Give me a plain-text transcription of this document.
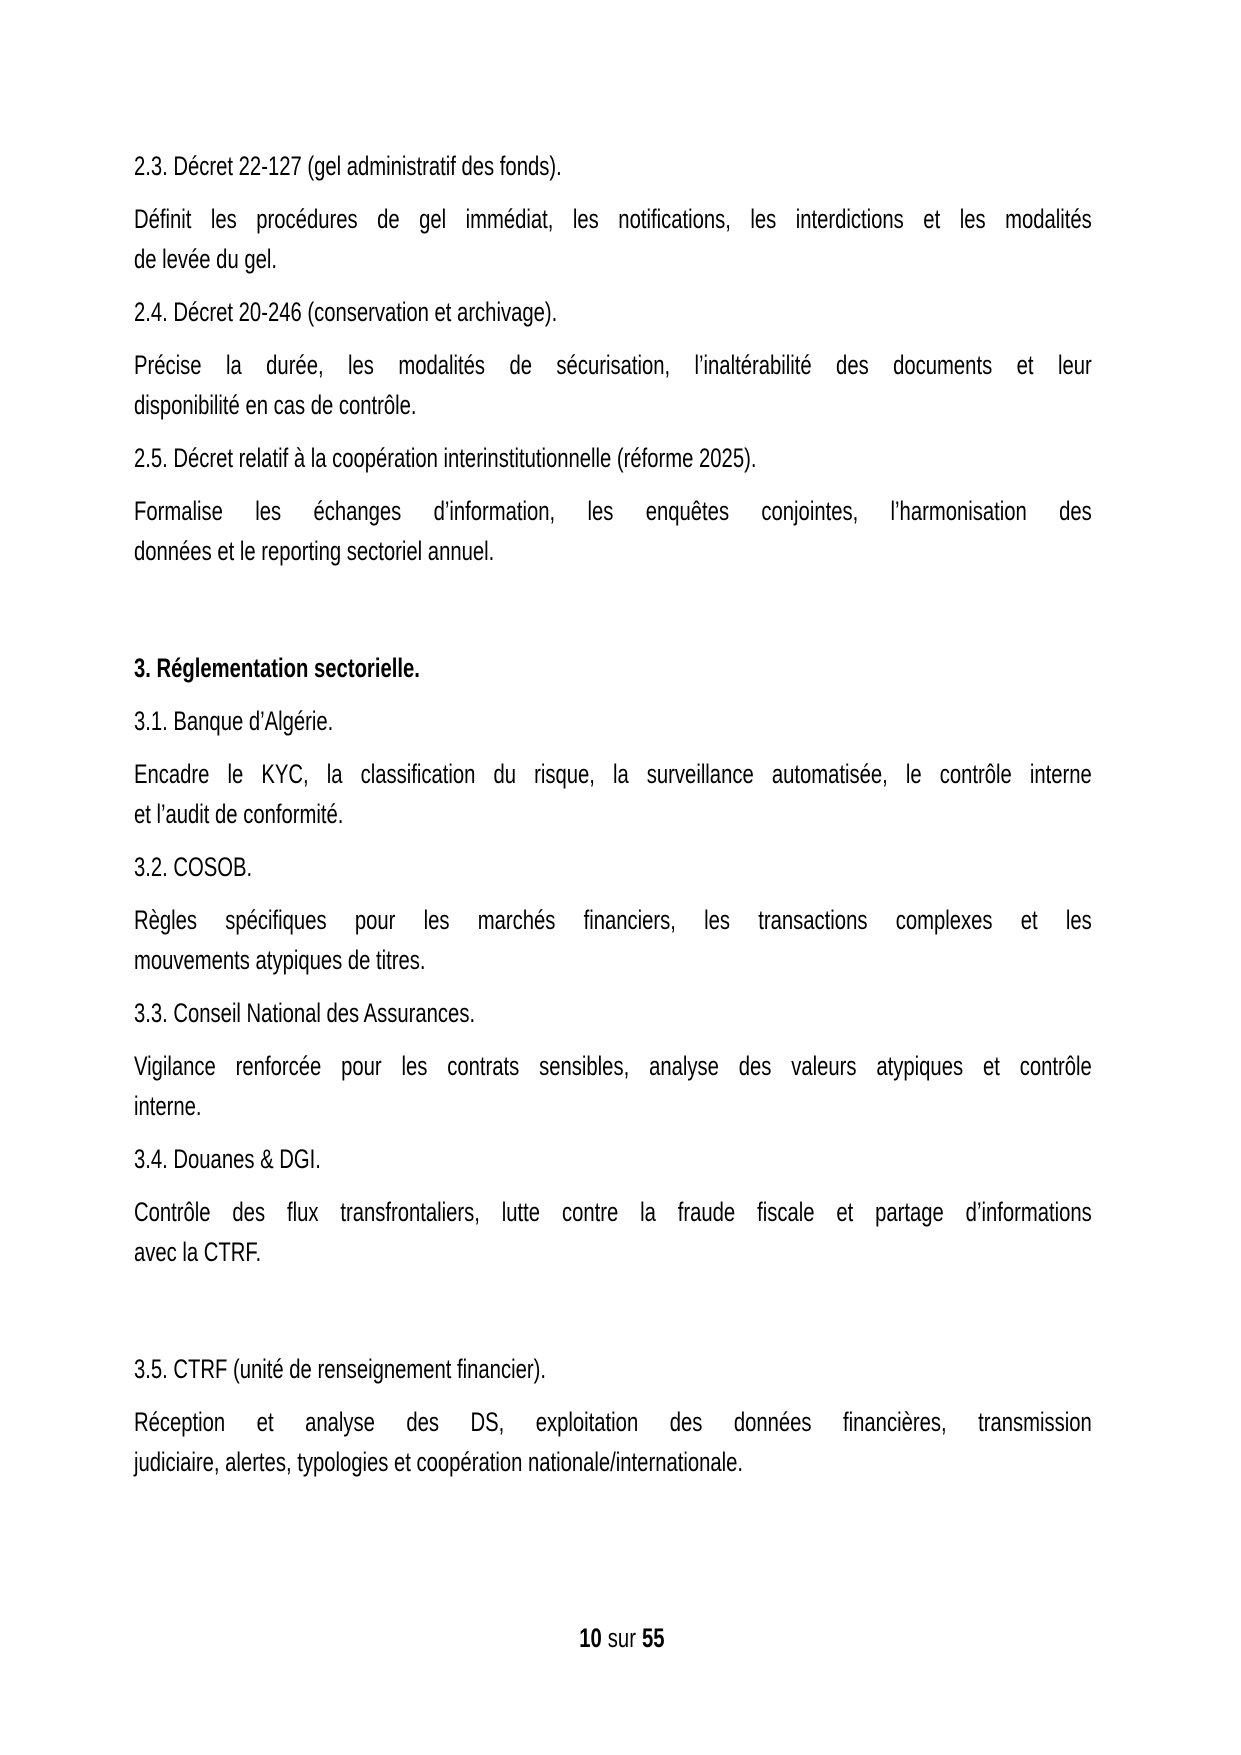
2.3. Décret 22-127 (gel administratif des fonds).

Définit les procédures de gel immédiat, les notifications, les interdictions et les modalités
de levée du gel.

2.4. Décret 20-246 (conservation et archivage).

Précise la durée, les modalités de sécurisation, l’inaltérabilité des documents et leur
disponibilité en cas de contrôle.

2.5. Décret relatif à la coopération interinstitutionnelle (réforme 2025).

Formalise les échanges d’information, les enquêtes conjointes, l’harmonisation des
données et le reporting sectoriel annuel.

3. Réglementation sectorielle.

3.1. Banque d’Algérie.

Encadre le KYC, la classification du risque, la surveillance automatisée, le contrôle interne
et l’audit de conformité.

3.2. COSOB.

Règles spécifiques pour les marchés financiers, les transactions complexes et les
mouvements atypiques de titres.

3.3. Conseil National des Assurances.

Vigilance renforcée pour les contrats sensibles, analyse des valeurs atypiques et contrôle
interne.

3.4. Douanes & DGI.

Contrôle des flux transfrontaliers, lutte contre la fraude fiscale et partage d’informations
avec la CTRF.

3.5. CTRF (unité de renseignement financier).

Réception et analyse des DS, exploitation des données financières, transmission
judiciaire, alertes, typologies et coopération nationale/internationale.
10 sur 55
